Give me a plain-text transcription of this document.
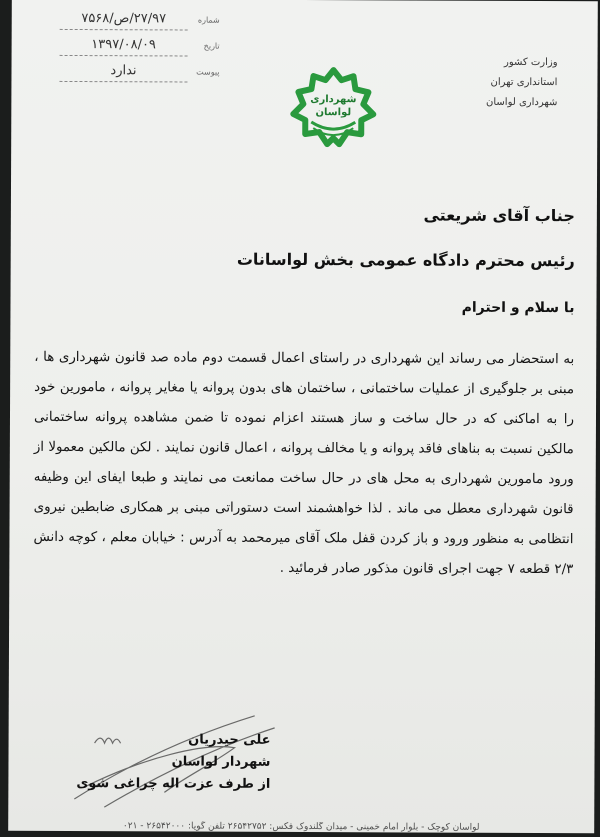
شماره
۲۷/۹۷/ص/۷۵۶۸
تاریخ
۱۳۹۷/۰۸/۰۹
پیوست
ندارد
شهرداری
لواسان
وزارت کشور
استانداری تهران
شهرداری لواسان
جناب آقای شریعتی
رئیس محترم دادگاه عمومی بخش لواسانات
با سلام و احترام

به استحضار می رساند این شهرداری در راستای اعمال قسمت دوم ماده صد قانون شهرداری ها ، مبنی بر جلوگیری از عملیات ساختمانی ، ساختمان های بدون پروانه یا مغایر پروانه ، مامورین خود را به اماکنی که در حال ساخت و ساز هستند اعزام نموده تا ضمن مشاهده پروانه ساختمانی مالکین نسبت به بناهای فاقد پروانه و یا مخالف پروانه ، اعمال قانون نمایند . لکن مالکین معمولا از ورود مامورین شهرداری به محل های در حال ساخت ممانعت می نمایند و طبعا ایفای این وظیفه قانون شهرداری معطل می ماند . لذا خواهشمند است دستوراتی مبنی بر همکاری ضابطین نیروی انتظامی به منظور ورود و باز کردن قفل ملک آقای میرمحمد به آدرس : خیابان معلم ، کوچه دانش ۲/۳ قطعه ۷ جهت اجرای قانون مذکور صادر فرمائید .

علی حیدریان
شهردار لواسان
از طرف عزت اله چراغی شوی
لواسان کوچک - بلوار امام خمینی - میدان گلندوک فکس: ۲۶۵۴۲۷۵۲ تلفن گویا: ۲۶۵۴۲۰۰۰ - ۰۲۱
